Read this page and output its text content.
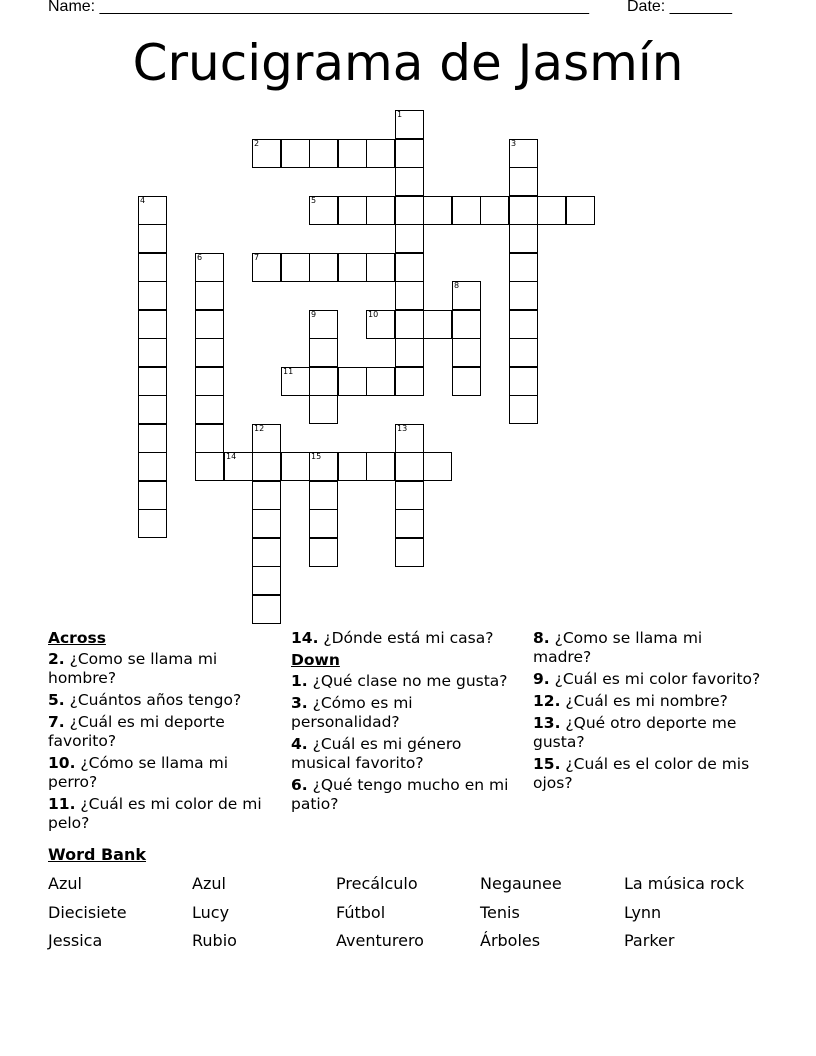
Name: _______________________________________________________ Date: _______
Crucigrama de Jasmín
1
2	3
4	5
6	7
8
9	10
11
12	13
14	15
Across
2. ¿Como se llama mi hombre?
5. ¿Cuántos años tengo?
7. ¿Cuál es mi deporte favorito?
10. ¿Cómo se llama mi perro?
11. ¿Cuál es mi color de mi pelo?
14. ¿Dónde está mi casa?
Down
1. ¿Qué clase no me gusta?
3. ¿Cómo es mi personalidad?
4. ¿Cuál es mi género musical favorito?
6. ¿Qué tengo mucho en mi patio?
8. ¿Como se llama mi madre?
9. ¿Cuál es mi color favorito?
12. ¿Cuál es mi nombre?
13. ¿Qué otro deporte me gusta?
15. ¿Cuál es el color de mis ojos?
Word Bank
Azul	Azul	Precálculo	Negaunee	La música rock
Diecisiete	Lucy	Fútbol	Tenis	Lynn
Jessica	Rubio	Aventurero	Árboles	Parker
